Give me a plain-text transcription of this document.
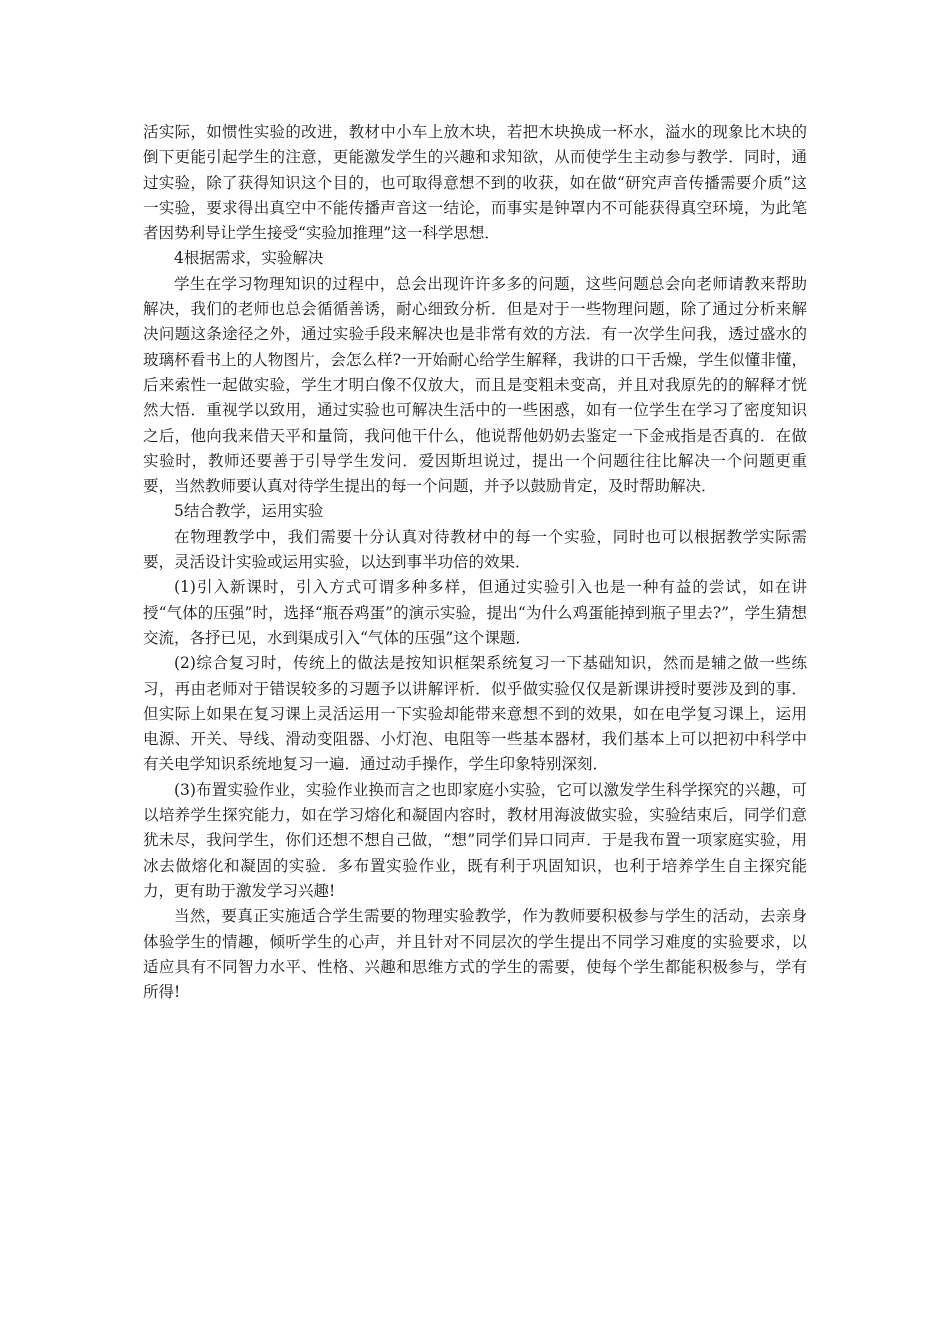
活实际，如惯性实验的改进，教材中小车上放木块，若把木块换成一杯水，溢水的现象比木块的倒下更能引起学生的注意，更能激发学生的兴趣和求知欲，从而使学生主动参与教学．同时，通过实验，除了获得知识这个目的，也可取得意想不到的收获，如在做“研究声音传播需要介质”这一实验，要求得出真空中不能传播声音这一结论，而事实是钟罩内不可能获得真空环境，为此笔者因势利导让学生接受“实验加推理”这一科学思想．

4根据需求，实验解决

学生在学习物理知识的过程中，总会出现许许多多的问题，这些问题总会向老师请教来帮助解决，我们的老师也总会循循善诱，耐心细致分析．但是对于一些物理问题，除了通过分析来解决问题这条途径之外，通过实验手段来解决也是非常有效的方法．有一次学生问我，透过盛水的玻璃杯看书上的人物图片，会怎么样?一开始耐心给学生解释，我讲的口干舌燥，学生似懂非懂，后来索性一起做实验，学生才明白像不仅放大，而且是变粗未变高，并且对我原先的的解释才恍然大悟．重视学以致用，通过实验也可解决生活中的一些困惑，如有一位学生在学习了密度知识之后，他向我来借天平和量筒，我问他干什么，他说帮他奶奶去鉴定一下金戒指是否真的．在做实验时，教师还要善于引导学生发问．爱因斯坦说过，提出一个问题往往比解决一个问题更重要，当然教师要认真对待学生提出的每一个问题，并予以鼓励肯定，及时帮助解决．

5结合教学，运用实验

在物理教学中，我们需要十分认真对待教材中的每一个实验，同时也可以根据教学实际需要，灵活设计实验或运用实验，以达到事半功倍的效果．

(1)引入新课时，引入方式可谓多种多样，但通过实验引入也是一种有益的尝试，如在讲授“气体的压强”时，选择“瓶吞鸡蛋”的演示实验，提出“为什么鸡蛋能掉到瓶子里去?”，学生猜想交流，各抒已见，水到渠成引入“气体的压强”这个课题．

(2)综合复习时，传统上的做法是按知识框架系统复习一下基础知识，然而是辅之做一些练习，再由老师对于错误较多的习题予以讲解评析．似乎做实验仅仅是新课讲授时要涉及到的事．但实际上如果在复习课上灵活运用一下实验却能带来意想不到的效果，如在电学复习课上，运用电源、开关、导线、滑动变阻器、小灯泡、电阻等一些基本器材，我们基本上可以把初中科学中有关电学知识系统地复习一遍．通过动手操作，学生印象特别深刻．

(3)布置实验作业，实验作业换而言之也即家庭小实验，它可以激发学生科学探究的兴趣，可以培养学生探究能力，如在学习熔化和凝固内容时，教材用海波做实验，实验结束后，同学们意犹未尽，我问学生，你们还想不想自己做，“想”同学们异口同声．于是我布置一项家庭实验，用冰去做熔化和凝固的实验．多布置实验作业，既有利于巩固知识，也利于培养学生自主探究能力，更有助于激发学习兴趣!

当然，要真正实施适合学生需要的物理实验教学，作为教师要积极参与学生的活动，去亲身体验学生的情趣，倾听学生的心声，并且针对不同层次的学生提出不同学习难度的实验要求，以适应具有不同智力水平、性格、兴趣和思维方式的学生的需要，使每个学生都能积极参与，学有所得!
